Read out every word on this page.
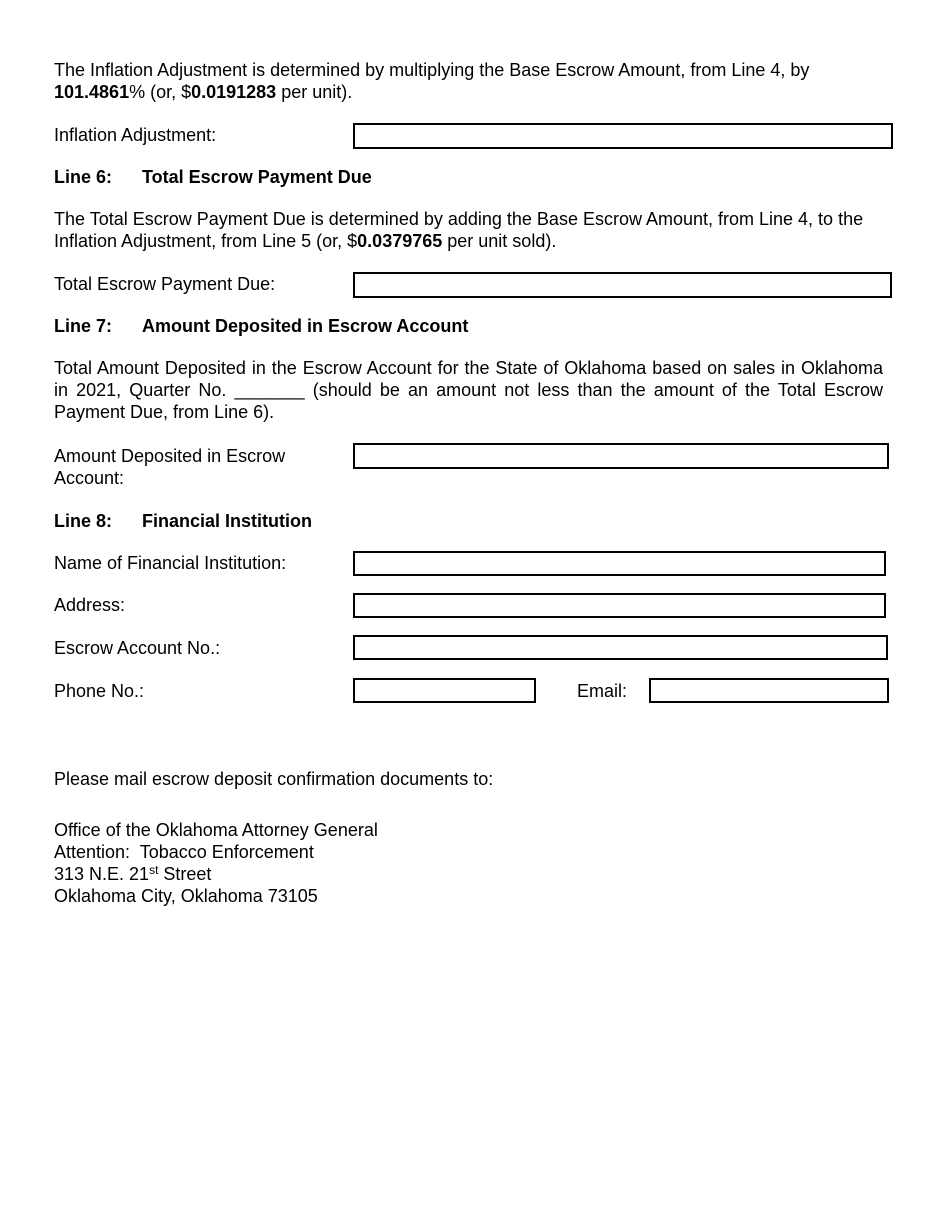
The Inflation Adjustment is determined by multiplying the Base Escrow Amount, from Line 4, by 101.4861% (or, $0.0191283 per unit).

Inflation Adjustment:
Line 6: Total Escrow Payment Due

The Total Escrow Payment Due is determined by adding the Base Escrow Amount, from Line 4, to the Inflation Adjustment, from Line 5 (or, $0.0379765 per unit sold).

Total Escrow Payment Due:
Line 7: Amount Deposited in Escrow Account

Total Amount Deposited in the Escrow Account for the State of Oklahoma based on sales in Oklahoma in 2021, Quarter No. _______ (should be an amount not less than the amount of the Total Escrow Payment Due, from Line 6).

Amount Deposited in Escrow Account:
Line 8: Financial Institution
Name of Financial Institution:
Address:
Escrow Account No.:
Phone No.:	Email:

Please mail escrow deposit confirmation documents to:

Office of the Oklahoma Attorney General
Attention:  Tobacco Enforcement
313 N.E. 21st Street
Oklahoma City, Oklahoma 73105
